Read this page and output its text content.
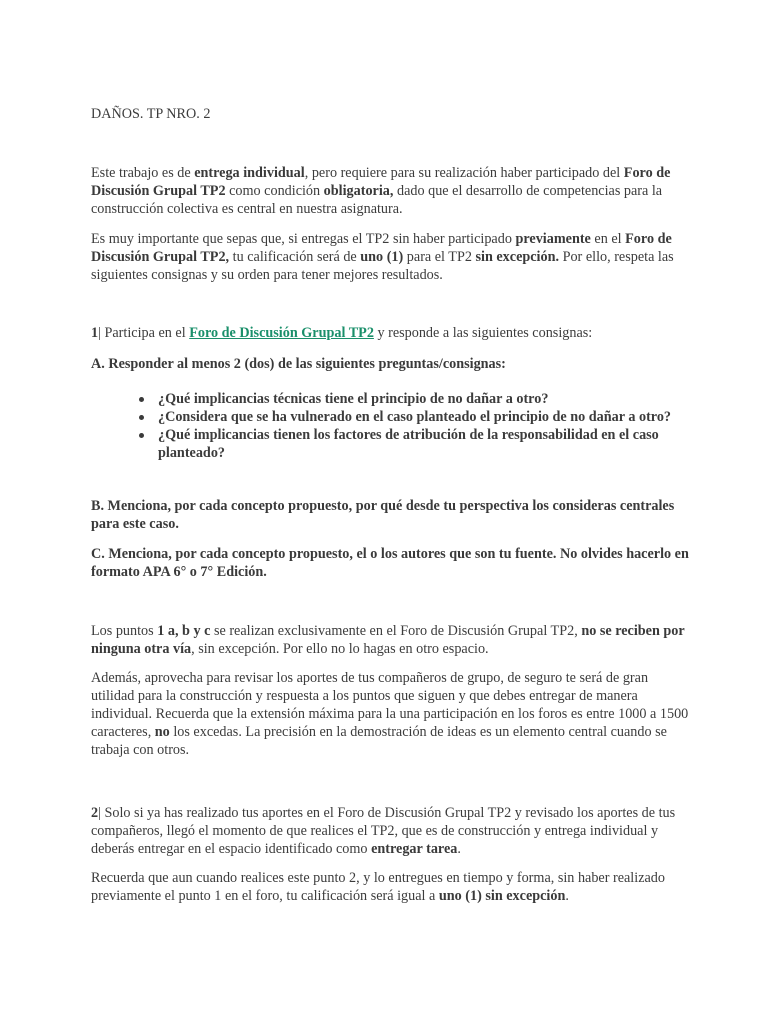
DAÑOS. TP NRO. 2

Este trabajo es de entrega individual, pero requiere para su realización haber participado del Foro de Discusión Grupal TP2 como condición obligatoria, dado que el desarrollo de competencias para la construcción colectiva es central en nuestra asignatura.

Es muy importante que sepas que, si entregas el TP2 sin haber participado previamente en el Foro de Discusión Grupal TP2, tu calificación será de uno (1) para el TP2 sin excepción. Por ello, respeta las siguientes consignas y su orden para tener mejores resultados.

1| Participa en el Foro de Discusión Grupal TP2 y responde a las siguientes consignas:

A. Responder al menos 2 (dos) de las siguientes preguntas/consignas:

¿Qué implicancias técnicas tiene el principio de no dañar a otro?
¿Considera que se ha vulnerado en el caso planteado el principio de no dañar a otro?
¿Qué implicancias tienen los factores de atribución de la responsabilidad en el caso planteado?

B. Menciona, por cada concepto propuesto, por qué desde tu perspectiva los consideras centrales para este caso.

C. Menciona, por cada concepto propuesto, el o los autores que son tu fuente. No olvides hacerlo en formato APA 6° o 7° Edición.

Los puntos 1 a, b y c se realizan exclusivamente en el Foro de Discusión Grupal TP2, no se reciben por ninguna otra vía, sin excepción. Por ello no lo hagas en otro espacio.

Además, aprovecha para revisar los aportes de tus compañeros de grupo, de seguro te será de gran utilidad para la construcción y respuesta a los puntos que siguen y que debes entregar de manera individual. Recuerda que la extensión máxima para la una participación en los foros es entre 1000 a 1500 caracteres, no los excedas. La precisión en la demostración de ideas es un elemento central cuando se trabaja con otros.

2| Solo si ya has realizado tus aportes en el Foro de Discusión Grupal TP2 y revisado los aportes de tus compañeros, llegó el momento de que realices el TP2, que es de construcción y entrega individual y deberás entregar en el espacio identificado como entregar tarea.

Recuerda que aun cuando realices este punto 2, y lo entregues en tiempo y forma, sin haber realizado previamente el punto 1 en el foro, tu calificación será igual a uno (1) sin excepción.
